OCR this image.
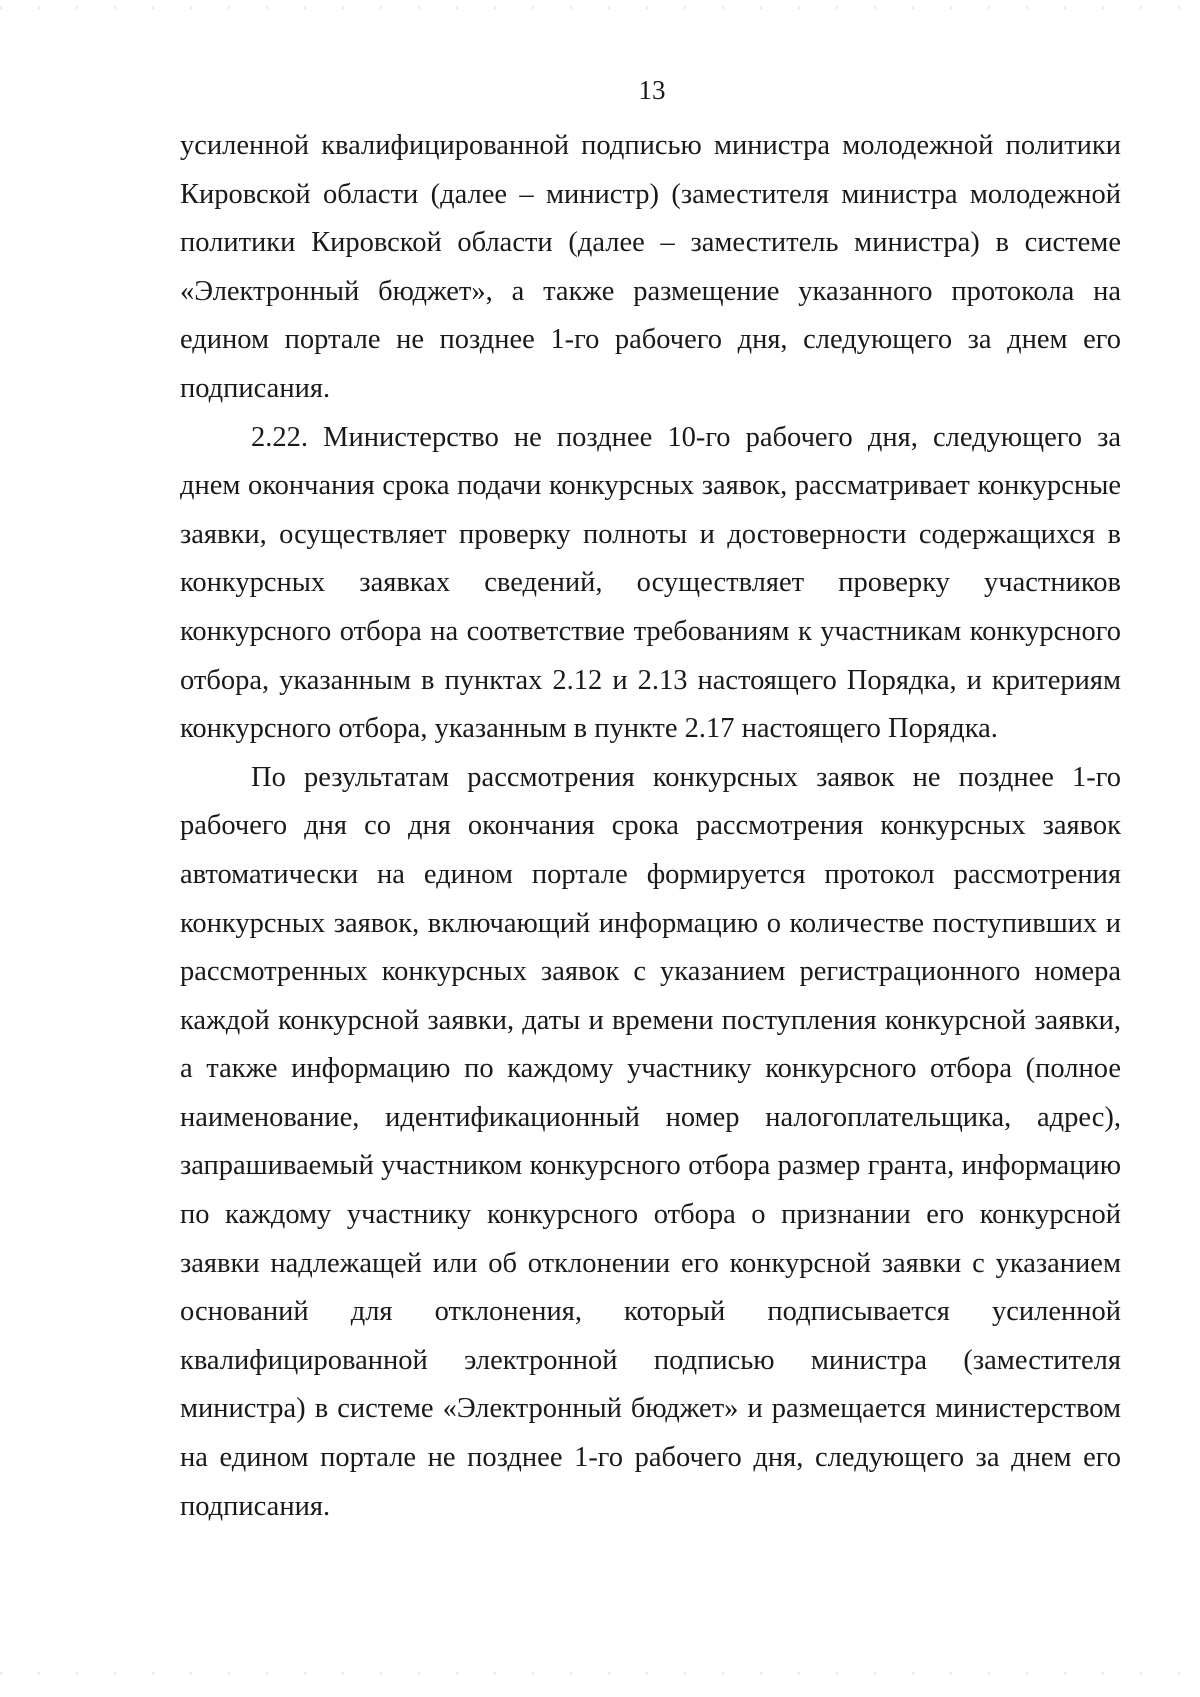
13

усиленной квалифицированной подписью министра молодежной политики Кировской области (далее – министр) (заместителя министра молодежной политики Кировской области (далее – заместитель министра) в системе «Электронный бюджет», а также размещение указанного протокола на едином портале не позднее 1-го рабочего дня, следующего за днем его подписания.

2.22. Министерство не позднее 10-го рабочего дня, следующего за днем окончания срока подачи конкурсных заявок, рассматривает конкурсные заявки, осуществляет проверку полноты и достоверности содержащихся в конкурсных заявках сведений, осуществляет проверку участников конкурсного отбора на соответствие требованиям к участникам конкурсного отбора, указанным в пунктах 2.12 и 2.13 настоящего Порядка, и критериям конкурсного отбора, указанным в пункте 2.17 настоящего Порядка.

По результатам рассмотрения конкурсных заявок не позднее 1-го рабочего дня со дня окончания срока рассмотрения конкурсных заявок автоматически на едином портале формируется протокол рассмотрения конкурсных заявок, включающий информацию о количестве поступивших и рассмотренных конкурсных заявок с указанием регистрационного номера каждой конкурсной заявки, даты и времени поступления конкурсной заявки, а также информацию по каждому участнику конкурсного отбора (полное наименование, идентификационный номер налогоплательщика, адрес), запрашиваемый участником конкурсного отбора размер гранта, информацию по каждому участнику конкурсного отбора о признании его конкурсной заявки надлежащей или об отклонении его конкурсной заявки с указанием оснований для отклонения, который подписывается усиленной квалифицированной электронной подписью министра (заместителя министра) в системе «Электронный бюджет» и размещается министерством на едином портале не позднее 1-го рабочего дня, следующего за днем его подписания.
